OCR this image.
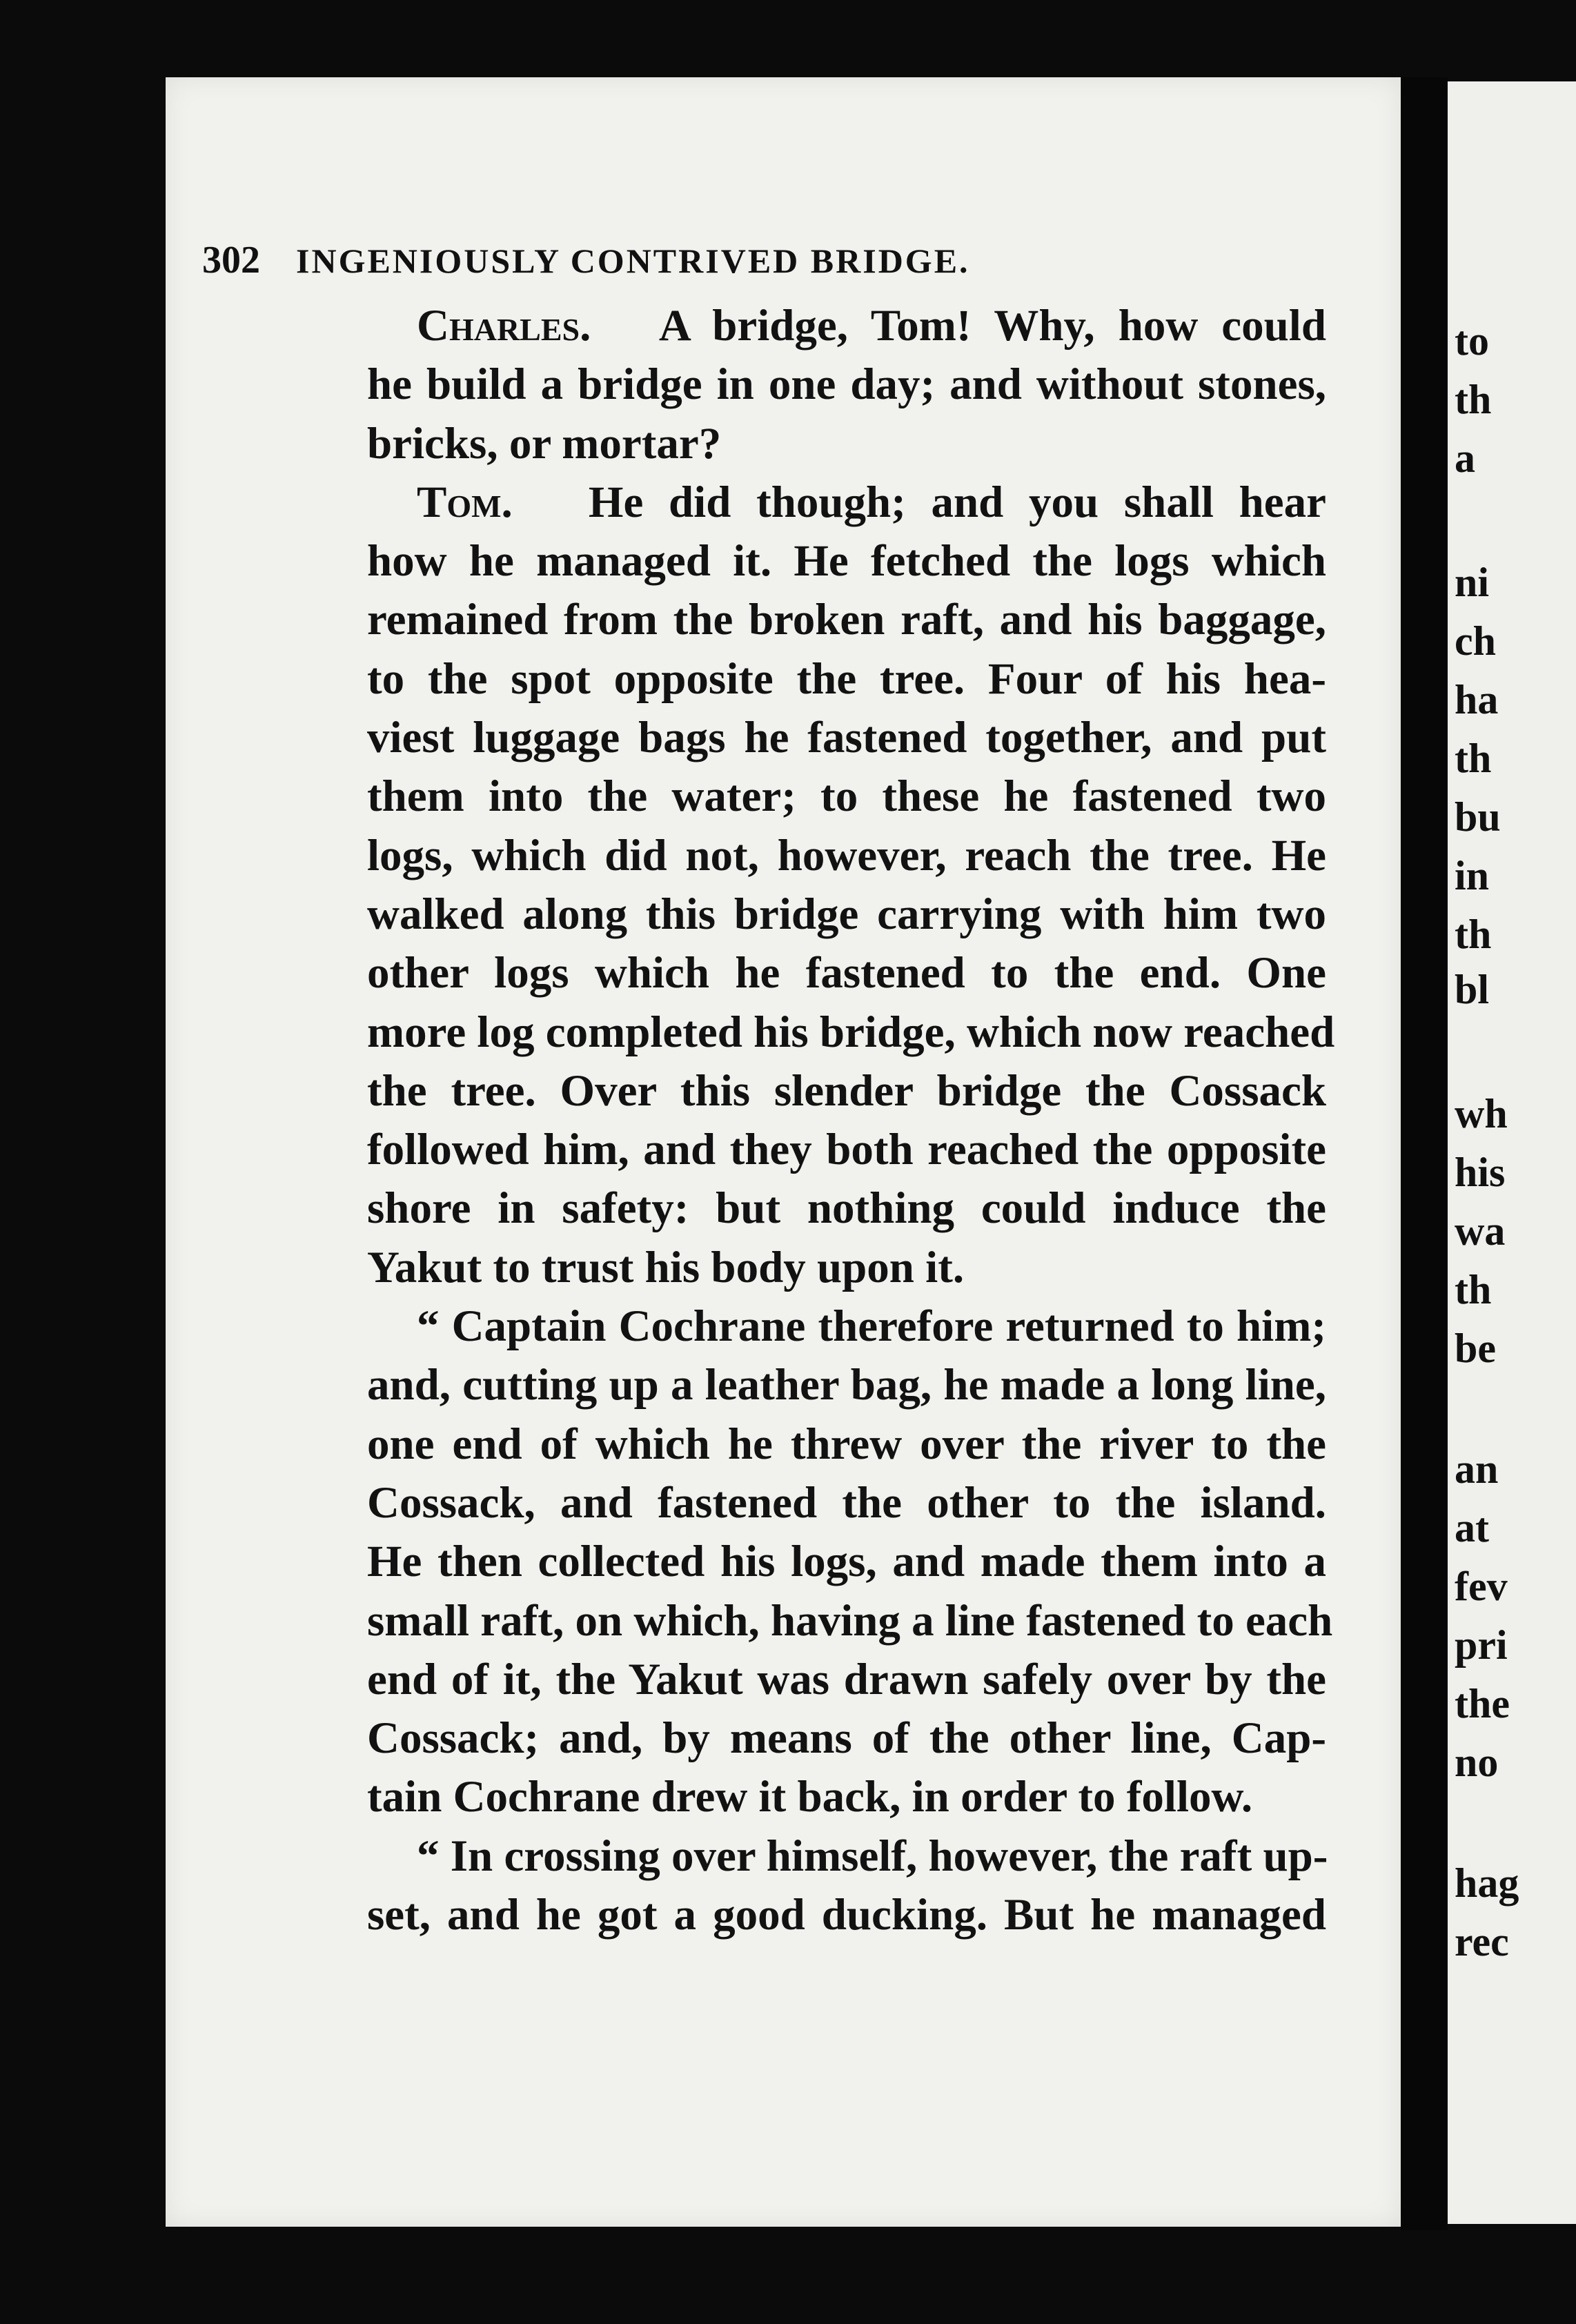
302 INGENIOUSLY CONTRIVED BRIDGE.
Charles. A bridge, Tom! Why, how could
he build a bridge in one day; and without stones,
bricks, or mortar?
Tom. He did though; and you shall hear
how he managed it. He fetched the logs which
remained from the broken raft, and his baggage,
to the spot opposite the tree. Four of his hea-
viest luggage bags he fastened together, and put
them into the water; to these he fastened two
logs, which did not, however, reach the tree. He
walked along this bridge carrying with him two
other logs which he fastened to the end. One
more log completed his bridge, which now reached
the tree. Over this slender bridge the Cossack
followed him, and they both reached the opposite
shore in safety: but nothing could induce the
Yakut to trust his body upon it.
“ Captain Cochrane therefore returned to him;
and, cutting up a leather bag, he made a long line,
one end of which he threw over the river to the
Cossack, and fastened the other to the island.
He then collected his logs, and made them into a
small raft, on which, having a line fastened to each
end of it, the Yakut was drawn safely over by the
Cossack; and, by means of the other line, Cap-
tain Cochrane drew it back, in order to follow.
“ In crossing over himself, however, the raft up-
set, and he got a good ducking. But he managed
to
th
a
ni
ch
ha
th
bu
in
th
bl
wh
his
wa
th
be
an
at
fev
pri
the
no
hag
rec
